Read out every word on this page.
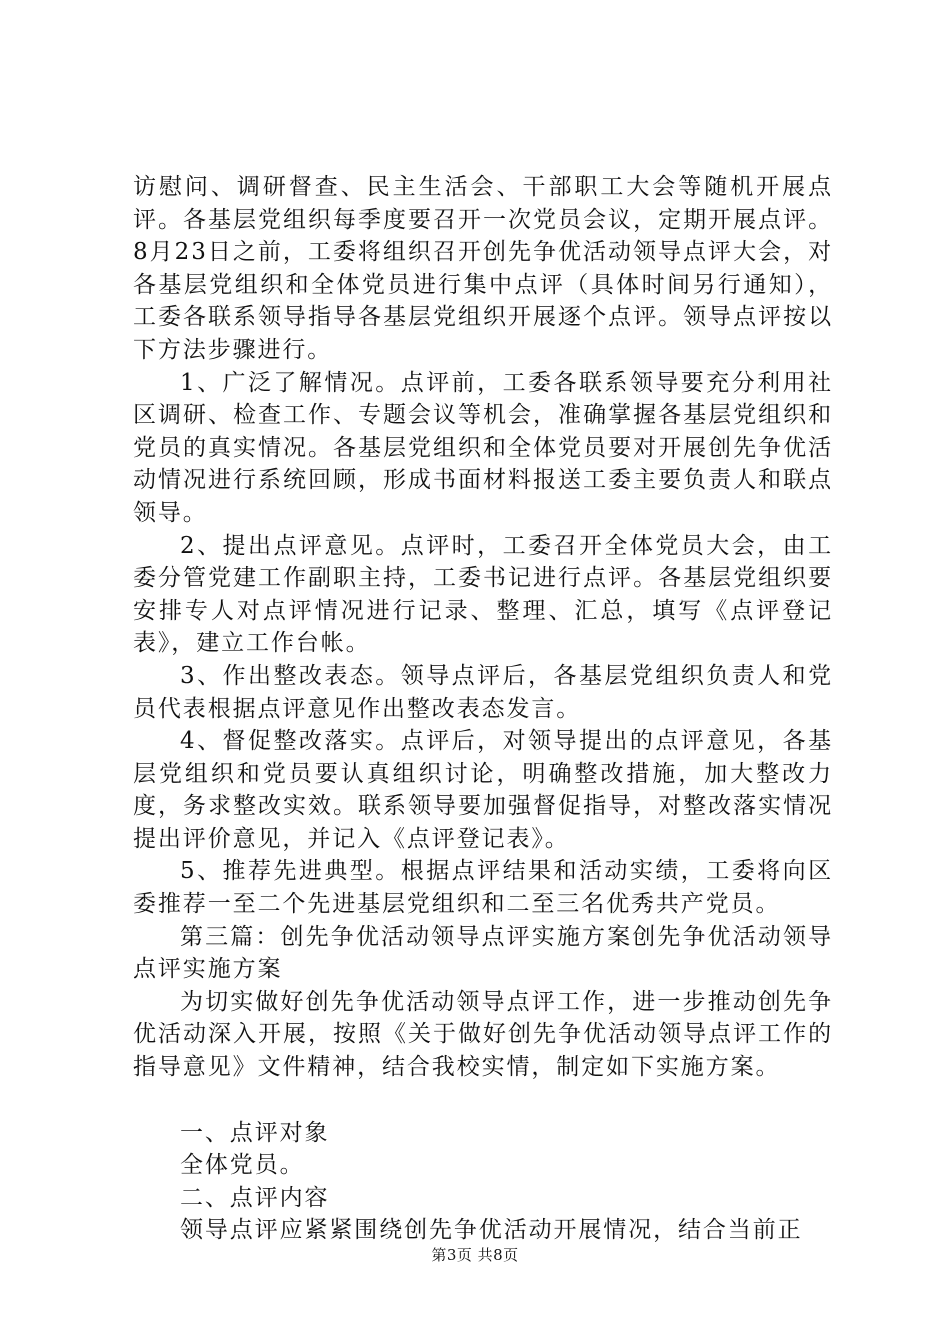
访慰问、调研督查、民主生活会、干部职工大会等随机开展点评。各基层党组织每季度要召开一次党员会议，定期开展点评。8月23日之前，工委将组织召开创先争优活动领导点评大会，对各基层党组织和全体党员进行集中点评（具体时间另行通知），工委各联系领导指导各基层党组织开展逐个点评。领导点评按以下方法步骤进行。

1、广泛了解情况。点评前，工委各联系领导要充分利用社区调研、检查工作、专题会议等机会，准确掌握各基层党组织和党员的真实情况。各基层党组织和全体党员要对开展创先争优活动情况进行系统回顾，形成书面材料报送工委主要负责人和联点领导。

2、提出点评意见。点评时，工委召开全体党员大会，由工委分管党建工作副职主持，工委书记进行点评。各基层党组织要安排专人对点评情况进行记录、整理、汇总，填写《点评登记表》，建立工作台帐。

3、作出整改表态。领导点评后，各基层党组织负责人和党员代表根据点评意见作出整改表态发言。

4、督促整改落实。点评后，对领导提出的点评意见，各基层党组织和党员要认真组织讨论，明确整改措施，加大整改力度，务求整改实效。联系领导要加强督促指导，对整改落实情况提出评价意见，并记入《点评登记表》。

5、推荐先进典型。根据点评结果和活动实绩，工委将向区委推荐一至二个先进基层党组织和二至三名优秀共产党员。

第三篇：创先争优活动领导点评实施方案创先争优活动领导点评实施方案

为切实做好创先争优活动领导点评工作，进一步推动创先争优活动深入开展，按照《关于做好创先争优活动领导点评工作的指导意见》文件精神，结合我校实情，制定如下实施方案。

一、点评对象

全体党员。

二、点评内容

领导点评应紧紧围绕创先争优活动开展情况，结合当前正

第3页 共8页
